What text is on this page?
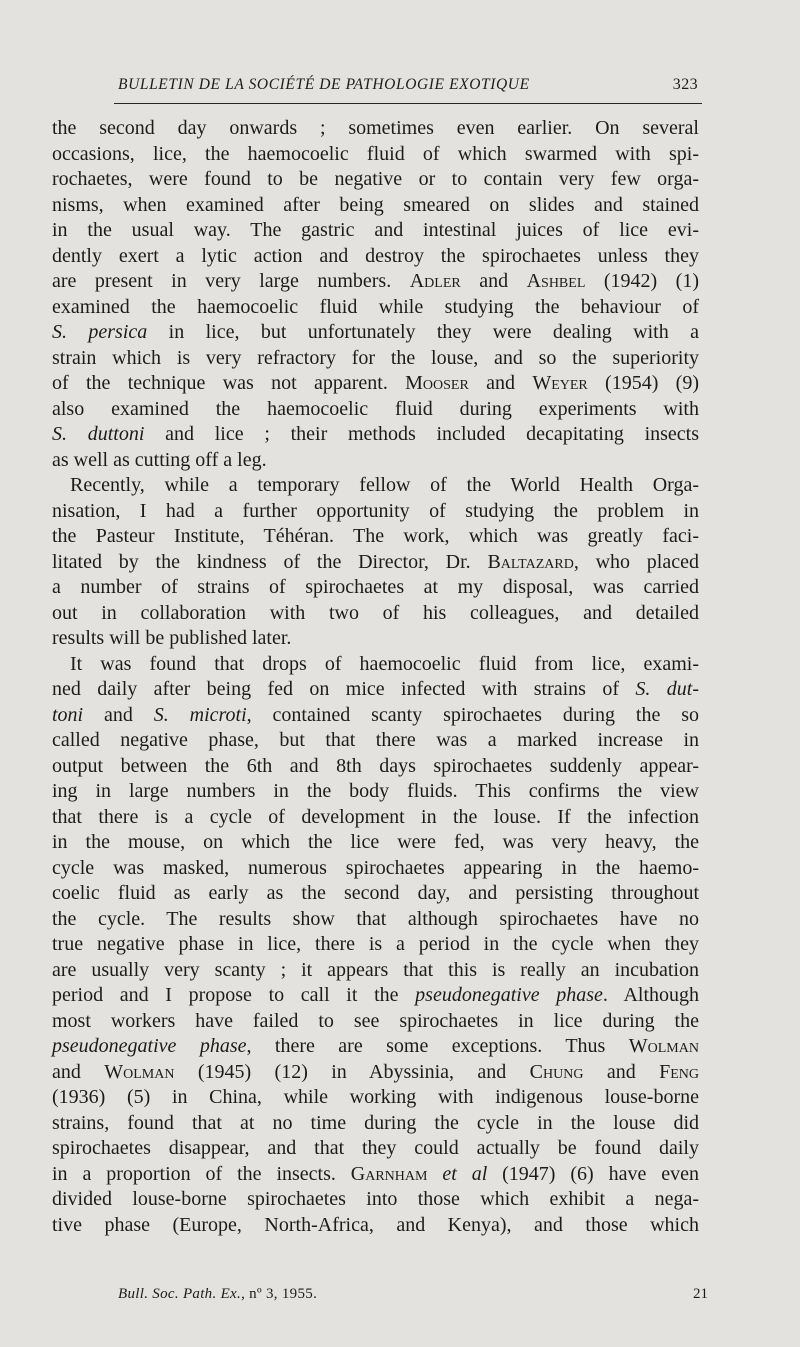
BULLETIN DE LA SOCIÉTÉ DE PATHOLOGIE EXOTIQUE	323
the second day onwards ; sometimes even earlier. On several
occasions, lice, the haemocoelic fluid of which swarmed with spi-
rochaetes, were found to be negative or to contain very few orga-
nisms, when examined after being smeared on slides and stained
in the usual way. The gastric and intestinal juices of lice evi-
dently exert a lytic action and destroy the spirochaetes unless they
are present in very large numbers. Adler and Ashbel (1942) (1)
examined the haemocoelic fluid while studying the behaviour of
S. persica in lice, but unfortunately they were dealing with a
strain which is very refractory for the louse, and so the superiority
of the technique was not apparent. Mooser and Weyer (1954) (9)
also examined the haemocoelic fluid during experiments with
S. duttoni and lice ; their methods included decapitating insects
as well as cutting off a leg.
Recently, while a temporary fellow of the World Health Orga-
nisation, I had a further opportunity of studying the problem in
the Pasteur Institute, Téhéran. The work, which was greatly faci-
litated by the kindness of the Director, Dr. Baltazard, who placed
a number of strains of spirochaetes at my disposal, was carried
out in collaboration with two of his colleagues, and detailed
results will be published later.
It was found that drops of haemocoelic fluid from lice, exami-
ned daily after being fed on mice infected with strains of S. dut-
toni and S. microti, contained scanty spirochaetes during the so
called negative phase, but that there was a marked increase in
output between the 6th and 8th days spirochaetes suddenly appear-
ing in large numbers in the body fluids. This confirms the view
that there is a cycle of development in the louse. If the infection
in the mouse, on which the lice were fed, was very heavy, the
cycle was masked, numerous spirochaetes appearing in the haemo-
coelic fluid as early as the second day, and persisting throughout
the cycle. The results show that although spirochaetes have no
true negative phase in lice, there is a period in the cycle when they
are usually very scanty ; it appears that this is really an incubation
period and I propose to call it the pseudonegative phase. Although
most workers have failed to see spirochaetes in lice during the
pseudonegative phase, there are some exceptions. Thus Wolman
and Wolman (1945) (12) in Abyssinia, and Chung and Feng
(1936) (5) in China, while working with indigenous louse-borne
strains, found that at no time during the cycle in the louse did
spirochaetes disappear, and that they could actually be found daily
in a proportion of the insects. Garnham et al (1947) (6) have even
divided louse-borne spirochaetes into those which exhibit a nega-
tive phase (Europe, North-Africa, and Kenya), and those which
Bull. Soc. Path. Ex., nº 3, 1955.	21
